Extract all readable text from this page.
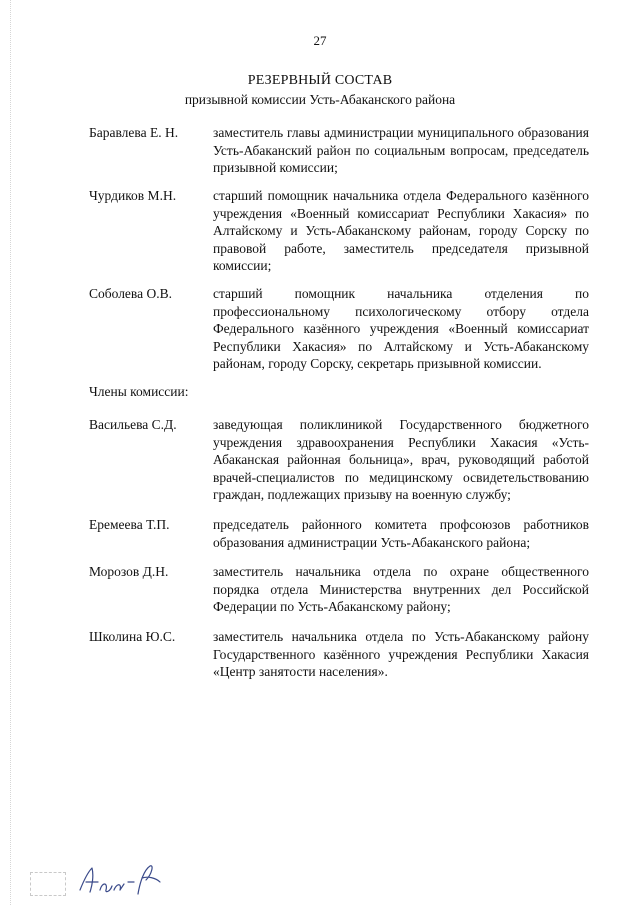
27
РЕЗЕРВНЫЙ СОСТАВ
призывной комиссии Усть-Абаканского района
Баравлева Е. Н.	заместитель главы администрации муниципального образования Усть-Абаканский район по социальным вопросам, председатель призывной комиссии;
Чурдиков М.Н.	старший помощник начальника отдела Федерального казённого учреждения «Военный комиссариат Республики Хакасия» по Алтайскому и Усть-Абаканскому районам, городу Сорску по правовой работе, заместитель председателя призывной комиссии;
Соболева О.В.	старший помощник начальника отделения по профессиональному психологическому отбору отдела Федерального казённого учреждения «Военный комиссариат Республики Хакасия» по Алтайскому и Усть-Абаканскому районам, городу Сорску, секретарь призывной комиссии.
Члены комиссии:
Васильева С.Д.	заведующая поликлиникой Государственного бюджетного учреждения здравоохранения Республики Хакасия «Усть-Абаканская районная больница», врач, руководящий работой врачей-специалистов по медицинскому освидетельствованию граждан, подлежащих призыву на военную службу;
Еремеева Т.П.	председатель районного комитета профсоюзов работников образования администрации Усть-Абаканского района;
Морозов Д.Н.	заместитель начальника отдела по охране общественного порядка отдела Министерства внутренних дел Российской Федерации по Усть-Абаканскому району;
Школина Ю.С.	заместитель начальника отдела по Усть-Абаканскому району Государственного казённого учреждения Республики Хакасия «Центр занятости населения».
